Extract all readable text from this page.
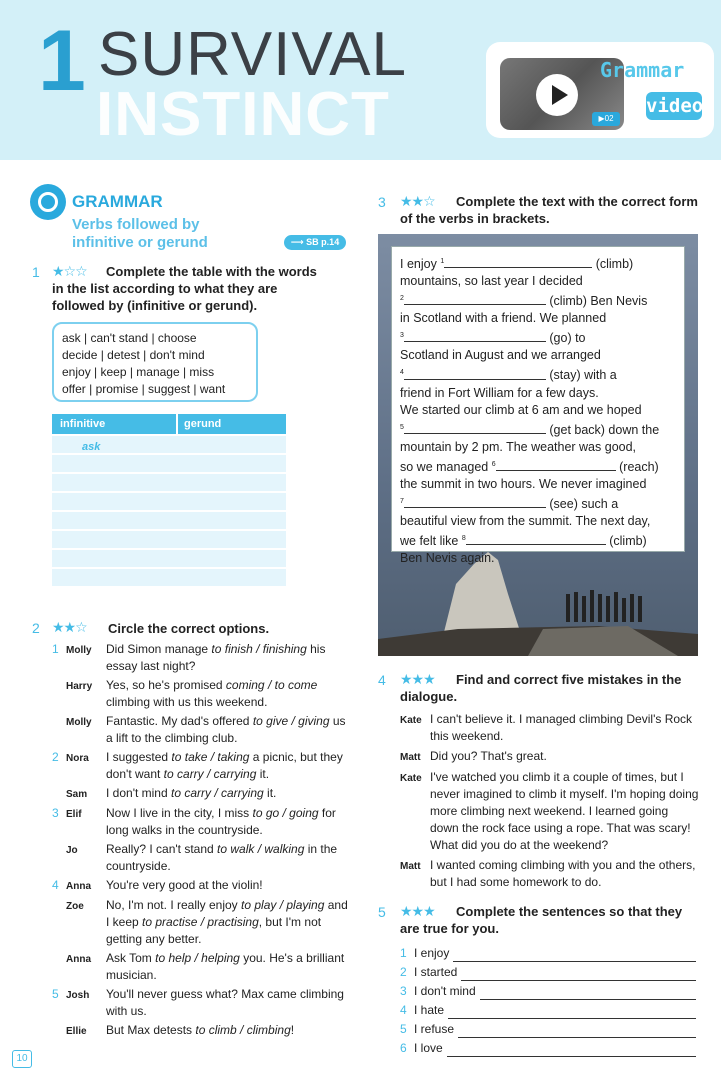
1 SURVIVAL
INSTINCT	▶02
Grammar
video
GRAMMAR
Verbs followed by infinitive or gerund	⟶ SB p.14
1 ★☆☆	Complete the table with the words in the list according to what they are followed by (infinitive or gerund).
ask | can't stand | choose
decide | detest | don't mind
enjoy | keep | manage | miss
offer | promise | suggest | want
infinitive	gerund
ask
2 ★★☆ Circle the correct options.
1 Molly	Did Simon manage to finish / finishing his essay last night?
Harry	Yes, so he's promised coming / to come climbing with us this weekend.
Molly	Fantastic. My dad's offered to give / giving us a lift to the climbing club.
2 Nora	I suggested to take / taking a picnic, but they don't want to carry / carrying it.
Sam	I don't mind to carry / carrying it.
3 Elif	Now I live in the city, I miss to go / going for long walks in the countryside.
Jo	Really? I can't stand to walk / walking in the countryside.
4 Anna	You're very good at the violin!
Zoe	No, I'm not. I really enjoy to play / playing and I keep to practise / practising, but I'm not getting any better.
Anna	Ask Tom to help / helping you. He's a brilliant musician.
5 Josh	You'll never guess what? Max came climbing with us.
Ellie	But Max detests to climb / climbing!
3 ★★☆	Complete the text with the correct form of the verbs in brackets.
I enjoy $^1$	(climb)
mountains, so last year I decided
$^2$	(climb) Ben Nevis
in Scotland with a friend. We planned
$^3$	(go) to
Scotland in August and we arranged
$^4$	(stay) with a
friend in Fort William for a few days.
We started our climb at 6 am and we hoped
$^5$	(get back) down the
mountain by 2 pm. The weather was good,
so we managed $^6$	(reach)
the summit in two hours. We never imagined
$^7$	(see) such a
beautiful view from the summit. The next day,
we felt like $^8$	(climb)
Ben Nevis again.
4 ★★★	Find and correct five mistakes in the dialogue.
Kate I can't believe it. I managed climbing Devil's Rock this weekend.
Matt Did you? That's great.
Kate I've watched you climb it a couple of times, but I never imagined to climb it myself. I'm hoping doing more climbing next weekend. I learned going down the rock face using a rope. That was scary! What did you do at the weekend?
Matt I wanted coming climbing with you and the others, but I had some homework to do.
5 ★★★	Complete the sentences so that they are true for you.
1 I enjoy
2 I started
3 I don't mind
4 I hate
5 I refuse
6 I love
10
